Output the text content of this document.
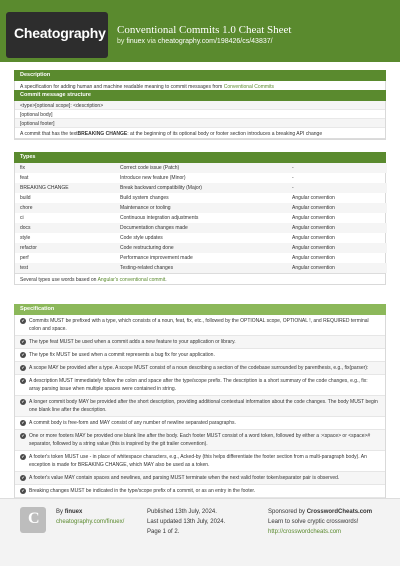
Cheatography Conventional Commits 1.0 Cheat Sheet
by finuex via cheatography.com/198426/cs/43837/
Description
A specification for adding human and machine readable meaning to commit messages from Conventional Commits
Commit message structure
<type>[optional scope]: <description>
[optional body]
[optional footer]
A commit that has the textBREAKING CHANGE: at the beginning of its optional body or footer section introduces a breaking API change
Types
fix	Correct code issue (Patch)	-
feat	Introduce new feature (Minor)	-
BREAKING CHANGE	Break backward compatibility (Major)	-
build	Build system changes	Angular convention
chore	Maintenance or tooling	Angular convention
ci	Continuous integration adjustments	Angular convention
docs	Documentation changes made	Angular convention
style	Code style updates	Angular convention
refactor	Code restructuring done	Angular convention
perf	Performance improvement made	Angular convention
test	Testing-related changes	Angular convention
Several types use words based on Angular's conventional commit.
Specification
✔ Commits MUST be prefixed with a type, which consists of a noun, feat, fix, etc., followed by the OPTIONAL scope, OPTIONAL !, and REQUIRED terminal colon and space.
✔ The type feat MUST be used when a commit adds a new feature to your application or library.
✔ The type fix MUST be used when a commit represents a bug fix for your application.
✔ A scope MAY be provided after a type. A scope MUST consist of a noun describing a section of the codebase surrounded by parenthesis, e.g., fix(parser):
✔ A description MUST immediately follow the colon and space after the type/scope prefix. The description is a short summary of the code changes, e.g., fix: array parsing issue when multiple spaces were contained in string.
✔ A longer commit body MAY be provided after the short description, providing additional contextual information about the code changes. The body MUST begin one blank line after the description.
✔ A commit body is free-form and MAY consist of any number of newline separated paragraphs.
✔ One or more footers MAY be provided one blank line after the body. Each footer MUST consist of a word token, followed by either a :<space> or <space># separator, followed by a string value (this is inspired by the git trailer convention).
✔ A footer's token MUST use - in place of whitespace characters, e.g., Acked-by (this helps differentiate the footer section from a multi-paragraph body). An exception is made for BREAKING CHANGE, which MAY also be used as a token.
✔ A footer's value MAY contain spaces and newlines, and parsing MUST terminate when the next valid footer token/separator pair is observed.
✔ Breaking changes MUST be indicated in the type/scope prefix of a commit, or as an entry in the footer.
C	By finuex
cheatography.com/finuex/
Published 13th July, 2024.
Last updated 13th July, 2024.
Page 1 of 2.
Sponsored by CrosswordCheats.com
Learn to solve cryptic crosswords!
http://crosswordcheats.com
